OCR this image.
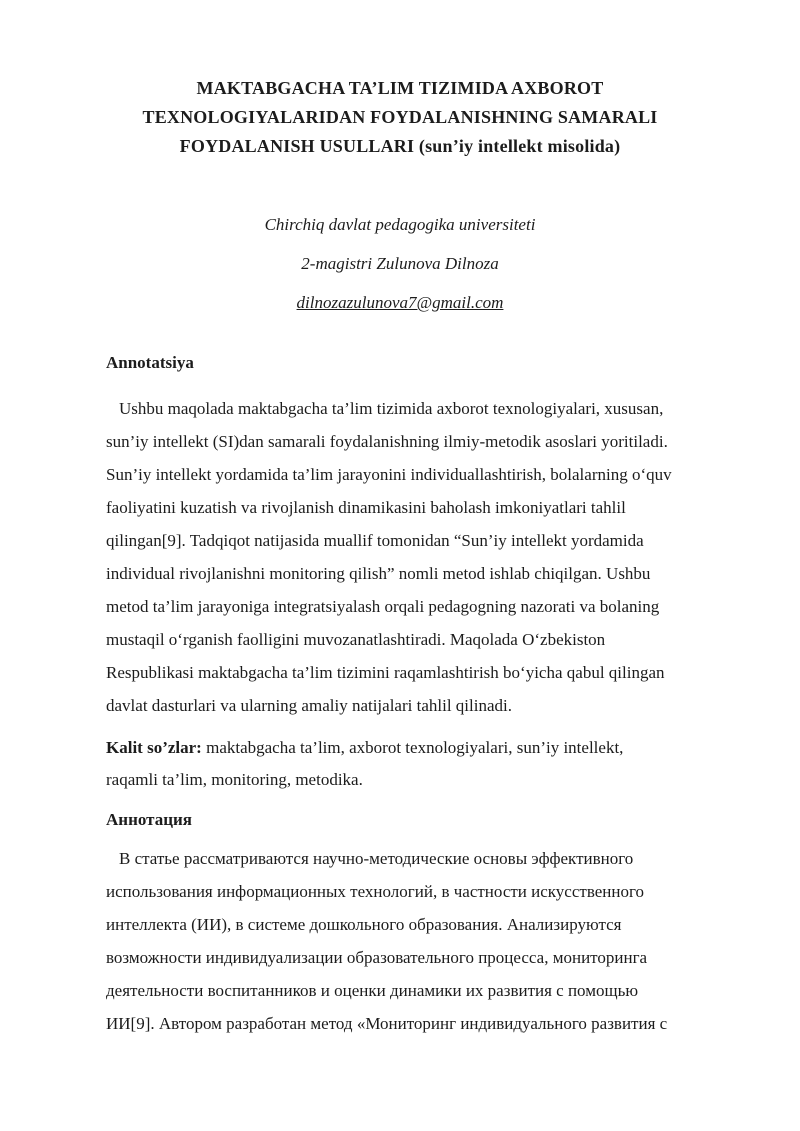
MAKTABGACHA TA’LIM TIZIMIDA AXBOROT
TEXNOLOGIYALARIDAN FOYDALANISHNING SAMARALI
FOYDALANISH USULLARI (sun’iy intellekt misolida)
Chirchiq davlat pedagogika universiteti
2-magistri Zulunova Dilnoza
dilnozazulunova7@gmail.com
Annotatsiya
Ushbu maqolada maktabgacha ta’lim tizimida axborot texnologiyalari, xususan,
sun’iy intellekt (SI)dan samarali foydalanishning ilmiy-metodik asoslari yoritiladi.
Sun’iy intellekt yordamida ta’lim jarayonini individuallashtirish, bolalarning oʻquv
faoliyatini kuzatish va rivojlanish dinamikasini baholash imkoniyatlari tahlil
qilingan[9]. Tadqiqot natijasida muallif tomonidan “Sun’iy intellekt yordamida
individual rivojlanishni monitoring qilish” nomli metod ishlab chiqilgan. Ushbu
metod ta’lim jarayoniga integratsiyalash orqali pedagogning nazorati va bolaning
mustaqil oʻrganish faolligini muvozanatlashtiradi. Maqolada Oʻzbekiston
Respublikasi maktabgacha ta’lim tizimini raqamlashtirish boʻyicha qabul qilingan
davlat dasturlari va ularning amaliy natijalari tahlil qilinadi.
Kalit so’zlar: maktabgacha ta’lim, axborot texnologiyalari, sun’iy intellekt,
raqamli ta’lim, monitoring, metodika.
Аннотация
В статье рассматриваются научно-методические основы эффективного
использования информационных технологий, в частности искусственного
интеллекта (ИИ), в системе дошкольного образования. Анализируются
возможности индивидуализации образовательного процесса, мониторинга
деятельности воспитанников и оценки динамики их развития с помощью
ИИ[9]. Автором разработан метод «Мониторинг индивидуального развития с
